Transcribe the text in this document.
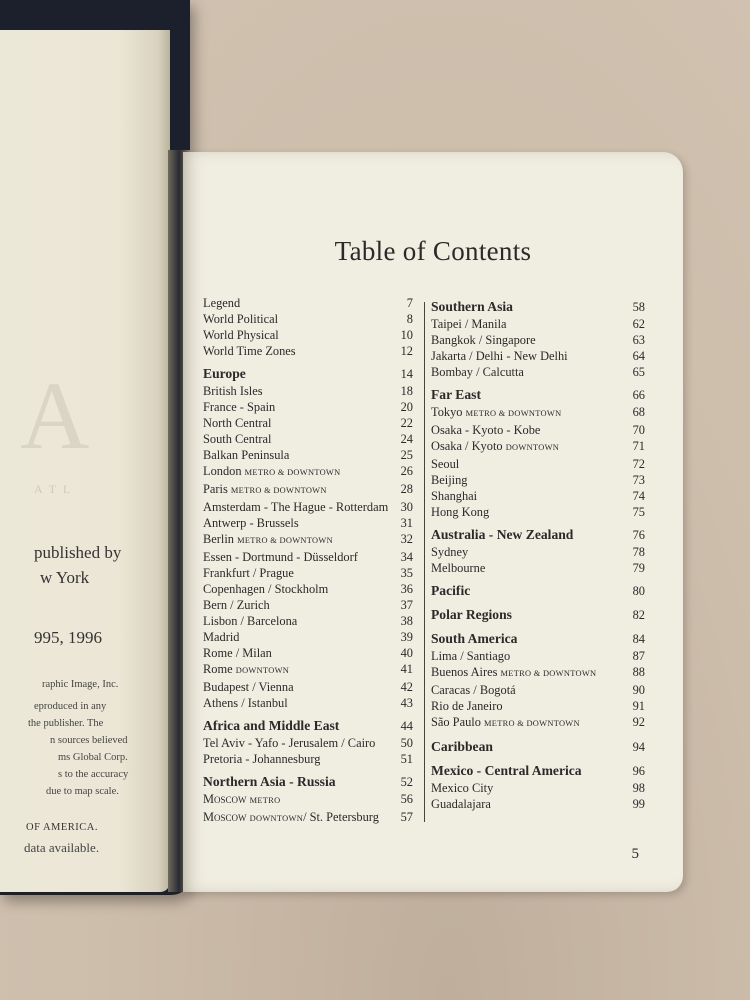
A
A T L
published by
w York
995, 1996
raphic Image, Inc.
eproduced in any
the publisher. The
n sources believed
ms Global Corp.
s to the accuracy
due to map scale.
OF AMERICA.
data available.
Table of Contents
Legend	7
World Political	8
World Physical	10
World Time Zones	12
Europe	14
British Isles	18
France - Spain	20
North Central	22
South Central	24
Balkan Peninsula	25
London METRO & DOWNTOWN	26
Paris METRO & DOWNTOWN	28
Amsterdam - The Hague - Rotterdam 30
Antwerp - Brussels	31
Berlin METRO & DOWNTOWN	32
Essen - Dortmund - Düsseldorf	34
Frankfurt / Prague	35
Copenhagen / Stockholm	36
Bern / Zurich	37
Lisbon / Barcelona	38
Madrid	39
Rome / Milan	40
Rome DOWNTOWN	41
Budapest / Vienna	42
Athens / Istanbul	43
Africa and Middle East	44
Tel Aviv - Yafo - Jerusalem / Cairo 50
Pretoria - Johannesburg	51
Northern Asia - Russia	52
Moscow METRO	56
Moscow DOWNTOWN/ St. Petersburg 57
Southern Asia	58
Taipei / Manila	62
Bangkok / Singapore	63
Jakarta / Delhi - New Delhi	64
Bombay / Calcutta	65
Far East	66
Tokyo METRO & DOWNTOWN	68
Osaka - Kyoto - Kobe	70
Osaka / Kyoto DOWNTOWN	71
Seoul	72
Beijing	73
Shanghai	74
Hong Kong	75
Australia - New Zealand	76
Sydney	78
Melbourne	79
Pacific	80
Polar Regions	82
South America	84
Lima / Santiago	87
Buenos Aires METRO & DOWNTOWN	88
Caracas / Bogotá	90
Rio de Janeiro	91
São Paulo METRO & DOWNTOWN	92
Caribbean	94
Mexico - Central America	96
Mexico City	98
Guadalajara	99
5
